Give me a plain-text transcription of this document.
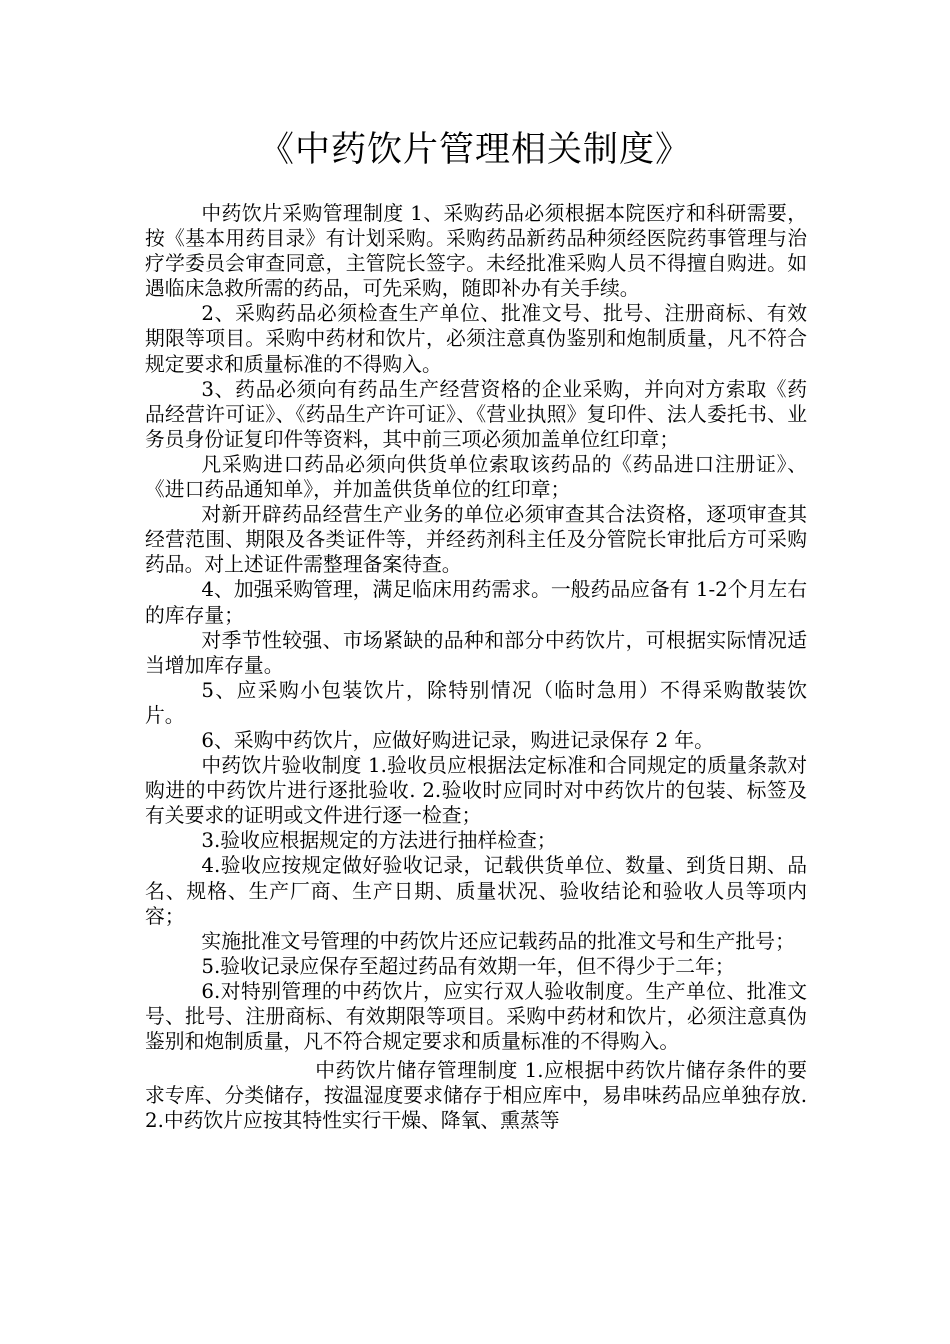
《中药饮片管理相关制度》

中药饮片采购管理制度 1、采购药品必须根据本院医疗和科研需要，按《基本用药目录》有计划采购。采购药品新药品种须经医院药事管理与治疗学委员会审查同意，主管院长签字。未经批准采购人员不得擅自购进。如遇临床急救所需的药品，可先采购，随即补办有关手续。

2、采购药品必须检查生产单位、批准文号、批号、注册商标、有效期限等项目。采购中药材和饮片，必须注意真伪鉴别和炮制质量，凡不符合规定要求和质量标准的不得购入。

3、药品必须向有药品生产经营资格的企业采购，并向对方索取《药品经营许可证》、《药品生产许可证》、《营业执照》复印件、法人委托书、业务员身份证复印件等资料，其中前三项必须加盖单位红印章；

凡采购进口药品必须向供货单位索取该药品的《药品进口注册证》、《进口药品通知单》，并加盖供货单位的红印章；

对新开辟药品经营生产业务的单位必须审查其合法资格，逐项审查其经营范围、期限及各类证件等，并经药剂科主任及分管院长审批后方可采购药品。对上述证件需整理备案待查。

4、加强采购管理，满足临床用药需求。一般药品应备有 1-2个月左右的库存量；

对季节性较强、市场紧缺的品种和部分中药饮片，可根据实际情况适当增加库存量。

5、应采购小包装饮片，除特别情况（临时急用）不得采购散装饮片。

6、采购中药饮片，应做好购进记录，购进记录保存 2 年。

中药饮片验收制度 1.验收员应根据法定标准和合同规定的质量条款对购进的中药饮片进行逐批验收. 2.验收时应同时对中药饮片的包装、标签及有关要求的证明或文件进行逐一检查；

3.验收应根据规定的方法进行抽样检查；

4.验收应按规定做好验收记录，记载供货单位、数量、到货日期、品名、规格、生产厂商、生产日期、质量状况、验收结论和验收人员等项内容；

实施批准文号管理的中药饮片还应记载药品的批准文号和生产批号；

5.验收记录应保存至超过药品有效期一年，但不得少于二年；

6.对特别管理的中药饮片，应实行双人验收制度。生产单位、批准文号、批号、注册商标、有效期限等项目。采购中药材和饮片，必须注意真伪鉴别和炮制质量，凡不符合规定要求和质量标准的不得购入。

中药饮片储存管理制度 1.应根据中药饮片储存条件的要求专库、分类储存，按温湿度要求储存于相应库中，易串味药品应单独存放. 2.中药饮片应按其特性实行干燥、降氧、熏蒸等
